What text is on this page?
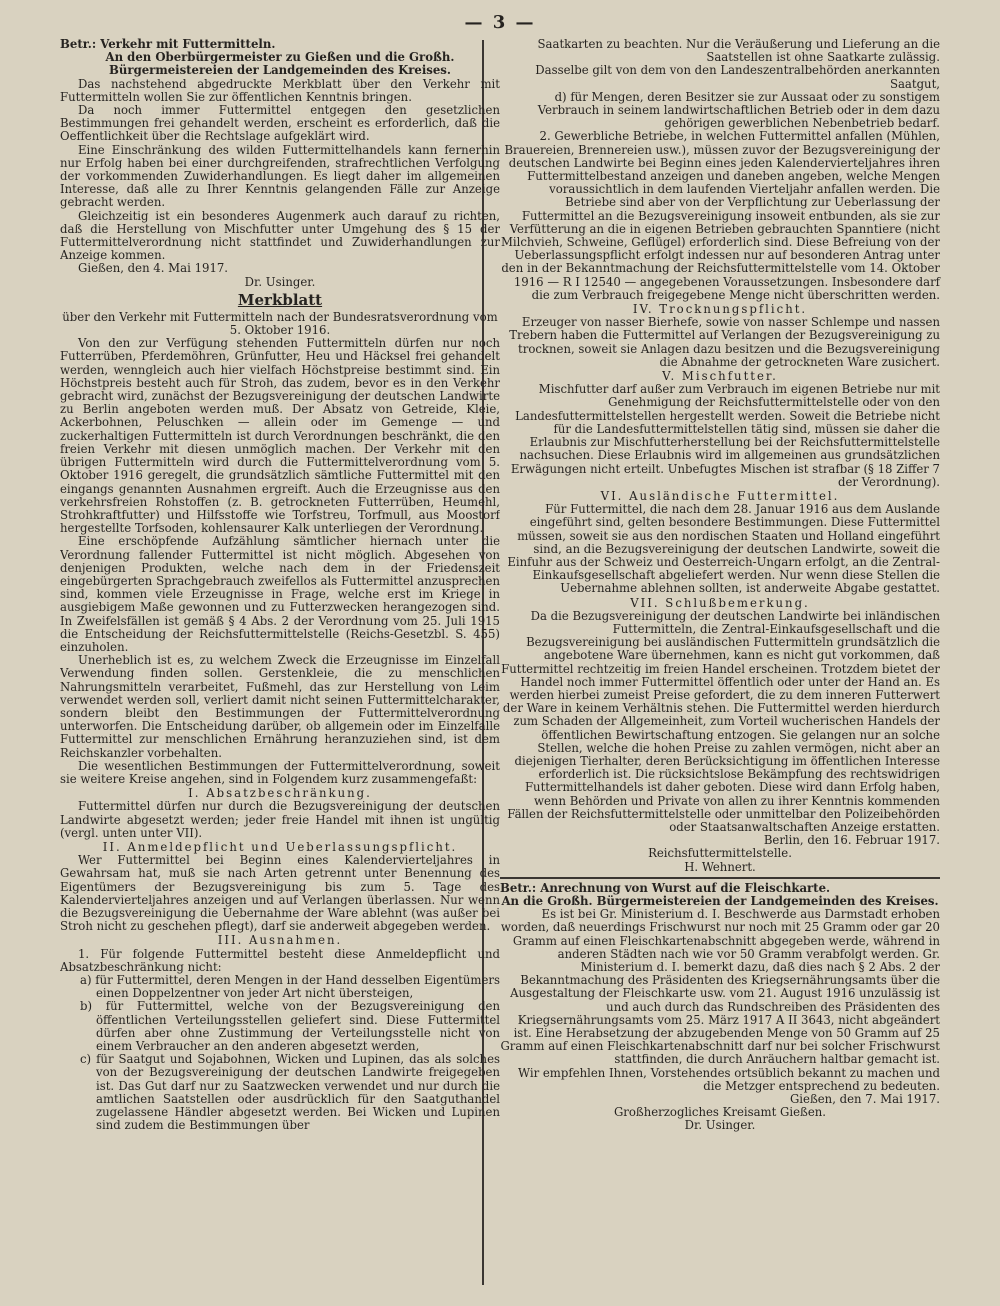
— 3 —

Betr.: Verkehr mit Futtermitteln.

An den Oberbürgermeister zu Gießen und die Großh. Bürgermeistereien der Landgemeinden des Kreises.

Das nachstehend abgedruckte Merkblatt über den Verkehr mit Futtermitteln wollen Sie zur öffentlichen Kenntnis bringen.

Da noch immer Futtermittel entgegen den gesetzlichen Bestimmungen frei gehandelt werden, erscheint es erforderlich, daß die Oeffentlichkeit über die Rechtslage aufgeklärt wird.

Eine Einschränkung des wilden Futtermittelhandels kann fernerhin nur Erfolg haben bei einer durchgreifenden, strafrechtlichen Verfolgung der vorkommenden Zuwiderhandlungen. Es liegt daher im allgemeinen Interesse, daß alle zu Ihrer Kenntnis gelangenden Fälle zur Anzeige gebracht werden.

Gleichzeitig ist ein besonderes Augenmerk auch darauf zu richten, daß die Herstellung von Mischfutter unter Umgehung des § 15 der Futtermittelverordnung nicht stattfindet und Zuwiderhandlungen zur Anzeige kommen.

Gießen, den 4. Mai 1917.

Dr. Usinger.

Merkblatt

über den Verkehr mit Futtermitteln nach der Bundesratsverordnung vom 5. Oktober 1916.

Von den zur Verfügung stehenden Futtermitteln dürfen nur noch Futterrüben, Pferdemöhren, Grünfutter, Heu und Häcksel frei gehandelt werden, wenngleich auch hier vielfach Höchstpreise bestimmt sind. Ein Höchstpreis besteht auch für Stroh, das zudem, bevor es in den Verkehr gebracht wird, zunächst der Bezugsvereinigung der deutschen Landwirte zu Berlin angeboten werden muß. Der Absatz von Getreide, Kleie, Ackerbohnen, Peluschken — allein oder im Gemenge — und zuckerhaltigen Futtermitteln ist durch Verordnungen beschränkt, die den freien Verkehr mit diesen unmöglich machen. Der Verkehr mit den übrigen Futtermitteln wird durch die Futtermittelverordnung vom 5. Oktober 1916 geregelt, die grundsätzlich sämtliche Futtermittel mit den eingangs genannten Ausnahmen ergreift. Auch die Erzeugnisse aus den verkehrsfreien Rohstoffen (z. B. getrockneten Futterrüben, Heumehl, Strohkraftfutter) und Hilfsstoffe wie Torfstreu, Torfmull, aus Moostorf hergestellte Torfsoden, kohlensaurer Kalk unterliegen der Verordnung.

Eine erschöpfende Aufzählung sämtlicher hiernach unter die Verordnung fallender Futtermittel ist nicht möglich. Abgesehen von denjenigen Produkten, welche nach dem in der Friedenszeit eingebürgerten Sprachgebrauch zweifellos als Futtermittel anzusprechen sind, kommen viele Erzeugnisse in Frage, welche erst im Kriege in ausgiebigem Maße gewonnen und zu Futterzwecken herangezogen sind. In Zweifelsfällen ist gemäß § 4 Abs. 2 der Verordnung vom 25. Juli 1915 die Entscheidung der Reichsfuttermittelstelle (Reichs-Gesetzbl. S. 455) einzuholen.

Unerheblich ist es, zu welchem Zweck die Erzeugnisse im Einzelfall Verwendung finden sollen. Gerstenkleie, die zu menschlichen Nahrungsmitteln verarbeitet, Fußmehl, das zur Herstellung von Leim verwendet werden soll, verliert damit nicht seinen Futtermittelcharakter, sondern bleibt den Bestimmungen der Futtermittelverordnung unterworfen. Die Entscheidung darüber, ob allgemein oder im Einzelfalle Futtermittel zur menschlichen Ernährung heranzuziehen sind, ist dem Reichskanzler vorbehalten.

Die wesentlichen Bestimmungen der Futtermittelverordnung, soweit sie weitere Kreise angehen, sind in Folgendem kurz zusammengefaßt:

I. Absatzbeschränkung.

Futtermittel dürfen nur durch die Bezugsvereinigung der deutschen Landwirte abgesetzt werden; jeder freie Handel mit ihnen ist ungültig (vergl. unten unter VII).

II. Anmeldepflicht und Ueberlassungspflicht.

Wer Futtermittel bei Beginn eines Kalendervierteljahres in Gewahrsam hat, muß sie nach Arten getrennt unter Benennung des Eigentümers der Bezugsvereinigung bis zum 5. Tage des Kalendervierteljahres anzeigen und auf Verlangen überlassen. Nur wenn die Bezugsvereinigung die Uebernahme der Ware ablehnt (was außer bei Stroh nicht zu geschehen pflegt), darf sie anderweit abgegeben werden.

III. Ausnahmen.

1. Für folgende Futtermittel besteht diese Anmeldepflicht und Absatzbeschränkung nicht:

a) für Futtermittel, deren Mengen in der Hand desselben Eigentümers einen Doppelzentner von jeder Art nicht übersteigen,

b) für Futtermittel, welche von der Bezugsvereinigung den öffentlichen Verteilungsstellen geliefert sind. Diese Futtermittel dürfen aber ohne Zustimmung der Verteilungsstelle nicht von einem Verbraucher an den anderen abgesetzt werden,

c) für Saatgut und Sojabohnen, Wicken und Lupinen, das als solches von der Bezugsvereinigung der deutschen Landwirte freigegeben ist. Das Gut darf nur zu Saatzwecken verwendet und nur durch die amtlichen Saatstellen oder ausdrücklich für den Saatguthandel zugelassene Händler abgesetzt werden. Bei Wicken und Lupinen sind zudem die Bestimmungen über

Saatkarten zu beachten. Nur die Veräußerung und Lieferung an die Saatstellen ist ohne Saatkarte zulässig.

Dasselbe gilt von dem von den Landeszentralbehörden anerkannten Saatgut,

d) für Mengen, deren Besitzer sie zur Aussaat oder zu sonstigem Verbrauch in seinem landwirtschaftlichen Betrieb oder in dem dazu gehörigen gewerblichen Nebenbetrieb bedarf.

2. Gewerbliche Betriebe, in welchen Futtermittel anfallen (Mühlen, Brauereien, Brennereien usw.), müssen zuvor der Bezugsvereinigung der deutschen Landwirte bei Beginn eines jeden Kalendervierteljahres ihren Futtermittelbestand anzeigen und daneben angeben, welche Mengen voraussichtlich in dem laufenden Vierteljahr anfallen werden. Die Betriebe sind aber von der Verpflichtung zur Ueberlassung der Futtermittel an die Bezugsvereinigung insoweit entbunden, als sie zur Verfütterung an die in eigenen Betrieben gebrauchten Spanntiere (nicht Milchvieh, Schweine, Geflügel) erforderlich sind. Diese Befreiung von der Ueberlassungspflicht erfolgt indessen nur auf besonderen Antrag unter den in der Bekanntmachung der Reichsfuttermittelstelle vom 14. Oktober 1916 — R I 12540 — angegebenen Voraussetzungen. Insbesondere darf die zum Verbrauch freigegebene Menge nicht überschritten werden.

IV. Trocknungspflicht.

Erzeuger von nasser Bierhefe, sowie von nasser Schlempe und nassen Trebern haben die Futtermittel auf Verlangen der Bezugsvereinigung zu trocknen, soweit sie Anlagen dazu besitzen und die Bezugsvereinigung die Abnahme der getrockneten Ware zusichert.

V. Mischfutter.

Mischfutter darf außer zum Verbrauch im eigenen Betriebe nur mit Genehmigung der Reichsfuttermittelstelle oder von den Landesfuttermittelstellen hergestellt werden. Soweit die Betriebe nicht für die Landesfuttermittelstellen tätig sind, müssen sie daher die Erlaubnis zur Mischfutterherstellung bei der Reichsfuttermittelstelle nachsuchen. Diese Erlaubnis wird im allgemeinen aus grundsätzlichen Erwägungen nicht erteilt. Unbefugtes Mischen ist strafbar (§ 18 Ziffer 7 der Verordnung).

VI. Ausländische Futtermittel.

Für Futtermittel, die nach dem 28. Januar 1916 aus dem Auslande eingeführt sind, gelten besondere Bestimmungen. Diese Futtermittel müssen, soweit sie aus den nordischen Staaten und Holland eingeführt sind, an die Bezugsvereinigung der deutschen Landwirte, soweit die Einfuhr aus der Schweiz und Oesterreich-Ungarn erfolgt, an die Zentral-Einkaufsgesellschaft abgeliefert werden. Nur wenn diese Stellen die Uebernahme ablehnen sollten, ist anderweite Abgabe gestattet.

VII. Schlußbemerkung.

Da die Bezugsvereinigung der deutschen Landwirte bei inländischen Futtermitteln, die Zentral-Einkaufsgesellschaft und die Bezugsvereinigung bei ausländischen Futtermitteln grundsätzlich die angebotene Ware übernehmen, kann es nicht gut vorkommen, daß Futtermittel rechtzeitig im freien Handel erscheinen. Trotzdem bietet der Handel noch immer Futtermittel öffentlich oder unter der Hand an. Es werden hierbei zumeist Preise gefordert, die zu dem inneren Futterwert der Ware in keinem Verhältnis stehen. Die Futtermittel werden hierdurch zum Schaden der Allgemeinheit, zum Vorteil wucherischen Handels der öffentlichen Bewirtschaftung entzogen. Sie gelangen nur an solche Stellen, welche die hohen Preise zu zahlen vermögen, nicht aber an diejenigen Tierhalter, deren Berücksichtigung im öffentlichen Interesse erforderlich ist. Die rücksichtslose Bekämpfung des rechtswidrigen Futtermittelhandels ist daher geboten. Diese wird dann Erfolg haben, wenn Behörden und Private von allen zu ihrer Kenntnis kommenden Fällen der Reichsfuttermittelstelle oder unmittelbar den Polizeibehörden oder Staatsanwaltschaften Anzeige erstatten.

Berlin, den 16. Februar 1917.

Reichsfuttermittelstelle.

H. Wehnert.

Betr.: Anrechnung von Wurst auf die Fleischkarte.

An die Großh. Bürgermeistereien der Landgemeinden des Kreises.

Es ist bei Gr. Ministerium d. I. Beschwerde aus Darmstadt erhoben worden, daß neuerdings Frischwurst nur noch mit 25 Gramm oder gar 20 Gramm auf einen Fleischkartenabschnitt abgegeben werde, während in anderen Städten nach wie vor 50 Gramm verabfolgt werden. Gr. Ministerium d. I. bemerkt dazu, daß dies nach § 2 Abs. 2 der Bekanntmachung des Präsidenten des Kriegsernährungsamts über die Ausgestaltung der Fleischkarte usw. vom 21. August 1916 unzulässig ist und auch durch das Rundschreiben des Präsidenten des Kriegsernährungsamts vom 25. März 1917 A II 3643, nicht abgeändert ist. Eine Herabsetzung der abzugebenden Menge von 50 Gramm auf 25 Gramm auf einen Fleischkartenabschnitt darf nur bei solcher Frischwurst stattfinden, die durch Anräuchern haltbar gemacht ist.

Wir empfehlen Ihnen, Vorstehendes ortsüblich bekannt zu machen und die Metzger entsprechend zu bedeuten.

Gießen, den 7. Mai 1917.

Großherzogliches Kreisamt Gießen.

Dr. Usinger.
